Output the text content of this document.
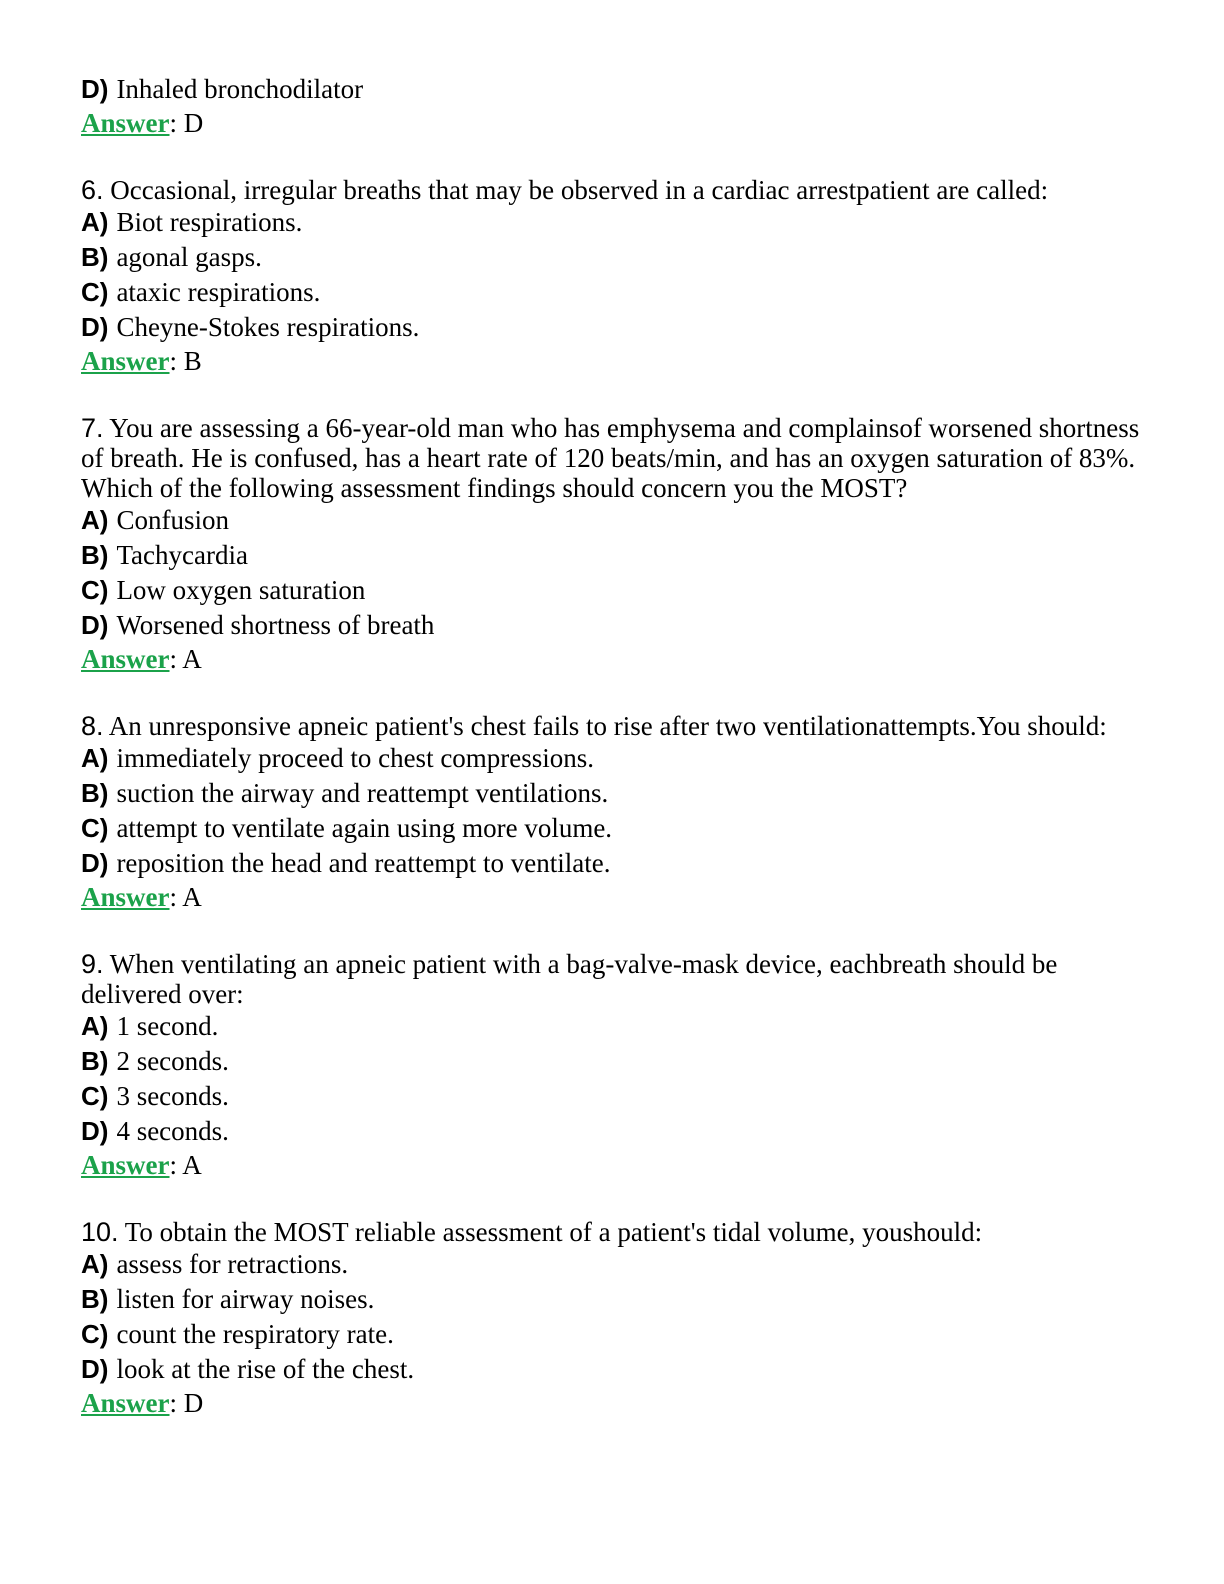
D) Inhaled bronchodilator
Answer: D
6. Occasional, irregular breaths that may be observed in a cardiac arrestpatient are called:
A) Biot respirations.
B) agonal gasps.
C) ataxic respirations.
D) Cheyne-Stokes respirations.
Answer: B
7. You are assessing a 66-year-old man who has emphysema and complainsof worsened shortness of breath. He is confused, has a heart rate of 120 beats/min, and has an oxygen saturation of 83%. Which of the following assessment findings should concern you the MOST?
A) Confusion
B) Tachycardia
C) Low oxygen saturation
D) Worsened shortness of breath
Answer: A
8. An unresponsive apneic patient's chest fails to rise after two ventilationattempts.You should:
A) immediately proceed to chest compressions.
B) suction the airway and reattempt ventilations.
C) attempt to ventilate again using more volume.
D) reposition the head and reattempt to ventilate.
Answer: A
9. When ventilating an apneic patient with a bag-valve-mask device, eachbreath should be delivered over:
A) 1 second.
B) 2 seconds.
C) 3 seconds.
D) 4 seconds.
Answer: A
10. To obtain the MOST reliable assessment of a patient's tidal volume, youshould:
A) assess for retractions.
B) listen for airway noises.
C) count the respiratory rate.
D) look at the rise of the chest.
Answer: D
